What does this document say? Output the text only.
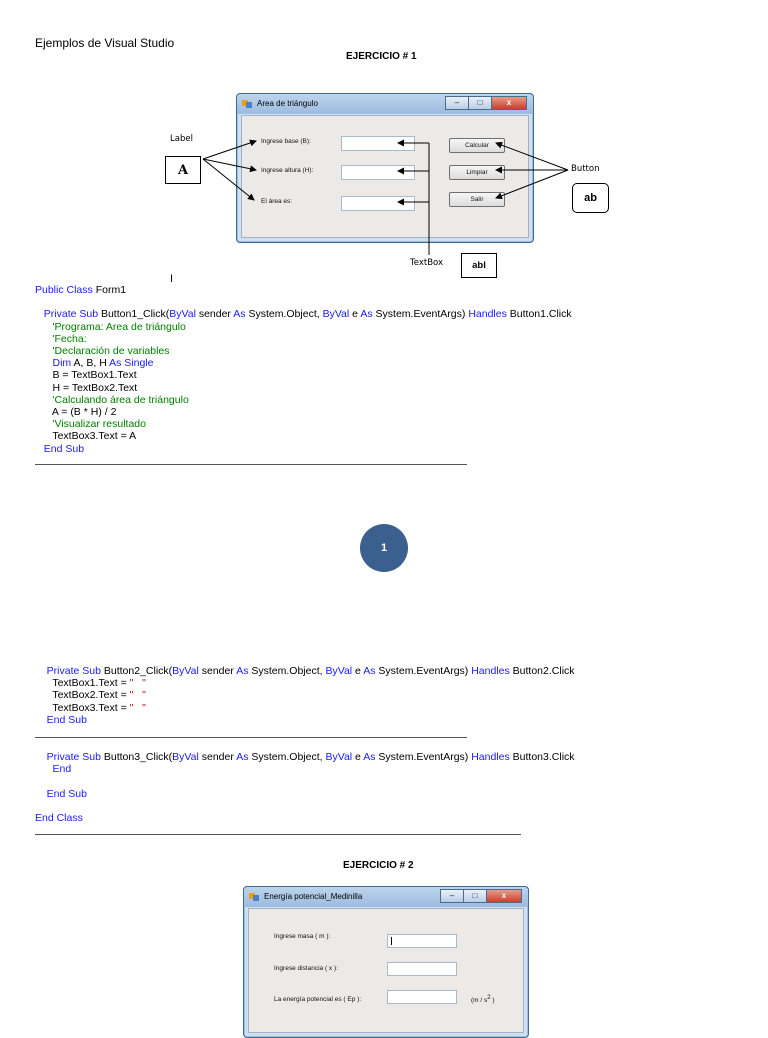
Ejemplos de Visual Studio
EJERCICIO # 1
Area de triángulo	–	□	x
Ingrese base (B):
Ingrese altura (H):
El área es:
Calcular
Limpiar
Salir
Label
A	Button
ab
TextBox	abl
I
Public Class Form1
Private Sub Button1_Click(ByVal sender As System.Object, ByVal e As System.EventArgs) Handles Button1.Click
'Programa: Area de triángulo
'Fecha:
'Declaración de variables
Dim A, B, H As Single
B = TextBox1.Text
H = TextBox2.Text
'Calculando área de triángulo
A = (B * H) / 2
'Visualizar resultado
TextBox3.Text = A
End Sub
1
Private Sub Button2_Click(ByVal sender As System.Object, ByVal e As System.EventArgs) Handles Button2.Click
TextBox1.Text = "   "
TextBox2.Text = "   "
TextBox3.Text = "   "
End Sub
Private Sub Button3_Click(ByVal sender As System.Object, ByVal e As System.EventArgs) Handles Button3.Click
End
End Sub
End Class
EJERCICIO # 2
Energía potencial_Medinilla	–	□	x
Ingrese masa ( m ):
Ingrese distancia ( x ):
La energía potencial es ( Ep ):	($m / s^2$ )
